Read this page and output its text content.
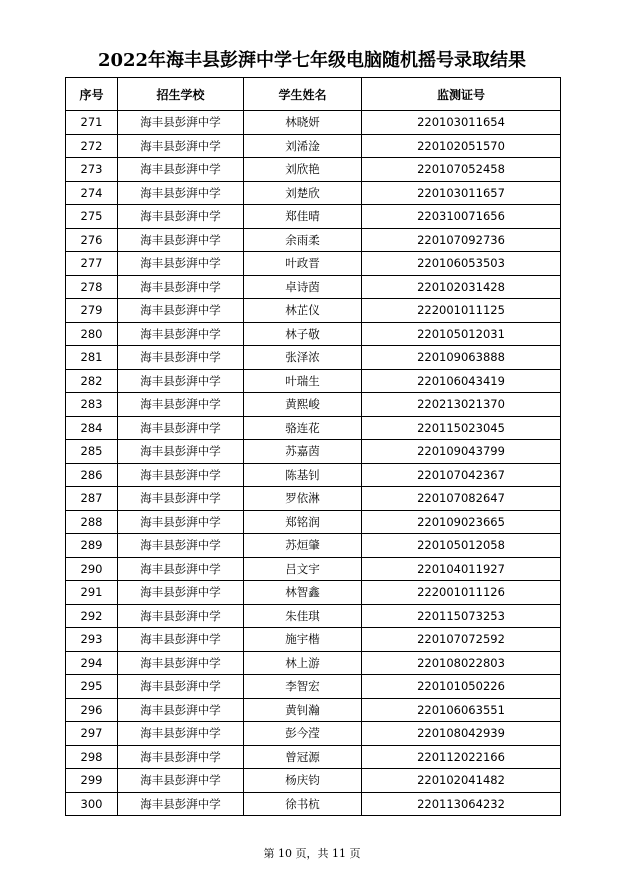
2022年海丰县彭湃中学七年级电脑随机摇号录取结果
序号	招生学校	学生姓名	监测证号
271	海丰县彭湃中学	林晓妍	220103011654
272	海丰县彭湃中学	刘浠淦	220102051570
273	海丰县彭湃中学	刘欣艳	220107052458
274	海丰县彭湃中学	刘楚欣	220103011657
275	海丰县彭湃中学	郑佳晴	220310071656
276	海丰县彭湃中学	余雨柔	220107092736
277	海丰县彭湃中学	叶政晋	220106053503
278	海丰县彭湃中学	卓诗茵	220102031428
279	海丰县彭湃中学	林芷仪	222001011125
280	海丰县彭湃中学	林子敬	220105012031
281	海丰县彭湃中学	张泽浓	220109063888
282	海丰县彭湃中学	叶瑞生	220106043419
283	海丰县彭湃中学	黄熙峻	220213021370
284	海丰县彭湃中学	骆连花	220115023045
285	海丰县彭湃中学	苏嘉茵	220109043799
286	海丰县彭湃中学	陈基钊	220107042367
287	海丰县彭湃中学	罗依淋	220107082647
288	海丰县彭湃中学	郑铭润	220109023665
289	海丰县彭湃中学	苏烜肇	220105012058
290	海丰县彭湃中学	吕文宇	220104011927
291	海丰县彭湃中学	林智鑫	222001011126
292	海丰县彭湃中学	朱佳琪	220115073253
293	海丰县彭湃中学	施宇楷	220107072592
294	海丰县彭湃中学	林上游	220108022803
295	海丰县彭湃中学	李智宏	220101050226
296	海丰县彭湃中学	黄钊瀚	220106063551
297	海丰县彭湃中学	彭今滢	220108042939
298	海丰县彭湃中学	曾冠源	220112022166
299	海丰县彭湃中学	杨庆钧	220102041482
300	海丰县彭湃中学	徐书杭	220113064232
第 10 页，共 11 页
